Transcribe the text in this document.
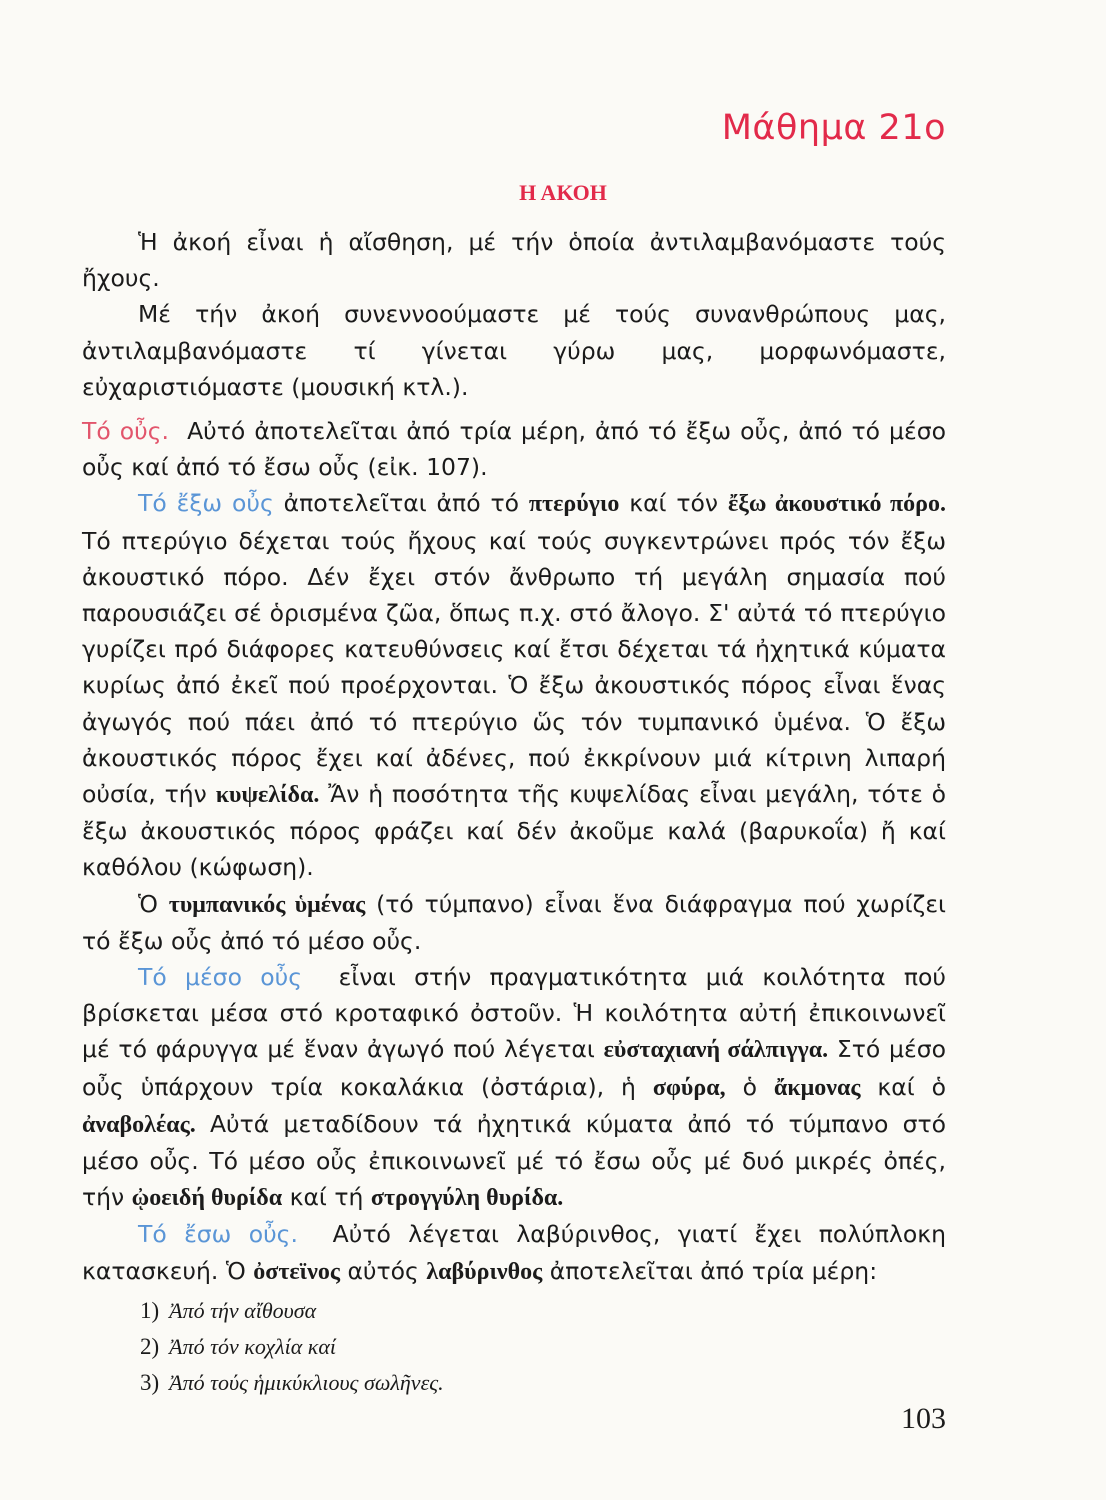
Μάθημα 21ο
Η ΑΚΟΗ

Ἡ ἀκοή εἶναι ἡ αἴσθηση, μέ τήν ὁποία ἀντιλαμβανόμαστε τούς ἤχους.

Μέ τήν ἀκοή συνεννοούμαστε μέ τούς συνανθρώπους μας, ἀντιλαμβανόμαστε τί γίνεται γύρω μας, μορφωνόμαστε, εὐχαριστιόμαστε (μουσική κτλ.).

Τό οὖς. Αὐτό ἀποτελεῖται ἀπό τρία μέρη, ἀπό τό ἔξω οὖς, ἀπό τό μέσο οὖς καί ἀπό τό ἔσω οὖς (εἰκ. 107).

Τό ἔξω οὖς ἀποτελεῖται ἀπό τό πτερύγιο καί τόν ἔξω ἀκουστικό πόρο. Τό πτερύγιο δέχεται τούς ἤχους καί τούς συγκεντρώνει πρός τόν ἔξω ἀκουστικό πόρο. Δέν ἔχει στόν ἄνθρωπο τή μεγάλη σημασία πού παρουσιάζει σέ ὁρισμένα ζῶα, ὅπως π.χ. στό ἄλογο. Σ' αὐτά τό πτερύγιο γυρίζει πρό διάφορες κατευθύνσεις καί ἔτσι δέχεται τά ἠχητικά κύματα κυρίως ἀπό ἐκεῖ πού προέρχονται. Ὁ ἔξω ἀκουστικός πόρος εἶναι ἕνας ἀγωγός πού πάει ἀπό τό πτερύγιο ὥς τόν τυμπανικό ὑμένα. Ὁ ἔξω ἀκουστικός πόρος ἔχει καί ἀδένες, πού ἐκκρίνουν μιά κίτρινη λιπαρή οὐσία, τήν κυψελίδα. Ἄν ἡ ποσότητα τῆς κυψελίδας εἶναι μεγάλη, τότε ὁ ἔξω ἀκουστικός πόρος φράζει καί δέν ἀκοῦμε καλά (βαρυκοΐα) ἤ καί καθόλου (κώφωση).

Ὁ τυμπανικός ὑμένας (τό τύμπανο) εἶναι ἕνα διάφραγμα πού χωρίζει τό ἔξω οὖς ἀπό τό μέσο οὖς.

Τό μέσο οὖς εἶναι στήν πραγματικότητα μιά κοιλότητα πού βρίσκεται μέσα στό κροταφικό ὀστοῦν. Ἡ κοιλότητα αὐτή ἐπικοινωνεῖ μέ τό φάρυγγα μέ ἕναν ἀγωγό πού λέγεται εὐσταχιανή σάλπιγγα. Στό μέσο οὖς ὑπάρχουν τρία κοκαλάκια (ὀστάρια), ἡ σφύρα, ὁ ἄκμονας καί ὁ ἀναβολέας. Αὐτά μεταδίδουν τά ἠχητικά κύματα ἀπό τό τύμπανο στό μέσο οὖς. Τό μέσο οὖς ἐπικοινωνεῖ μέ τό ἔσω οὖς μέ δυό μικρές ὀπές, τήν ᾠοειδή θυρίδα καί τή στρογγύλη θυρίδα.

Τό ἔσω οὖς. Αὐτό λέγεται λαβύρινθος, γιατί ἔχει πολύπλοκη κατασκευή. Ὁ ὀστεϊνος αὐτός λαβύρινθος ἀποτελεῖται ἀπό τρία μέρη:

1) Ἀπό τήν αἴθουσα
2) Ἀπό τόν κοχλία καί
3) Ἀπό τούς ἡμικύκλιους σωλῆνες.
103
